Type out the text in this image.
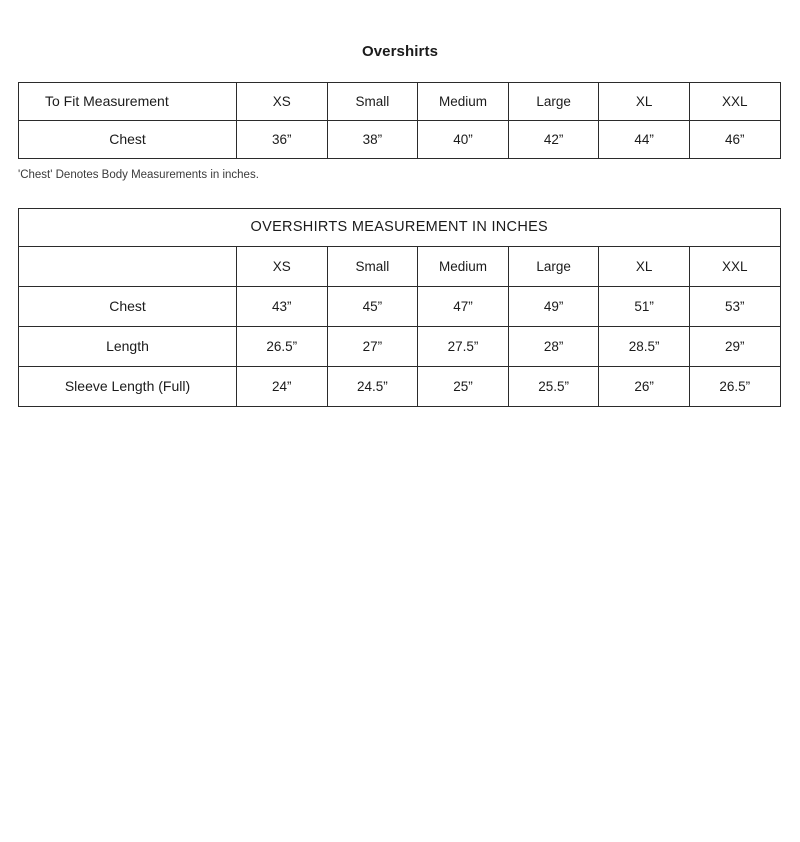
Overshirts
To Fit Measurement	XS	Small	Medium	Large	XL	XXL
Chest	36”	38”	40”	42”	44”	46”
'Chest' Denotes Body Measurements in inches.
OVERSHIRTS MEASUREMENT IN INCHES						
	XS	Small	Medium	Large	XL	XXL
Chest	43”	45”	47”	49”	51”	53”
Length	26.5”	27”	27.5”	28”	28.5”	29”
Sleeve Length (Full)	24”	24.5”	25”	25.5”	26”	26.5”
